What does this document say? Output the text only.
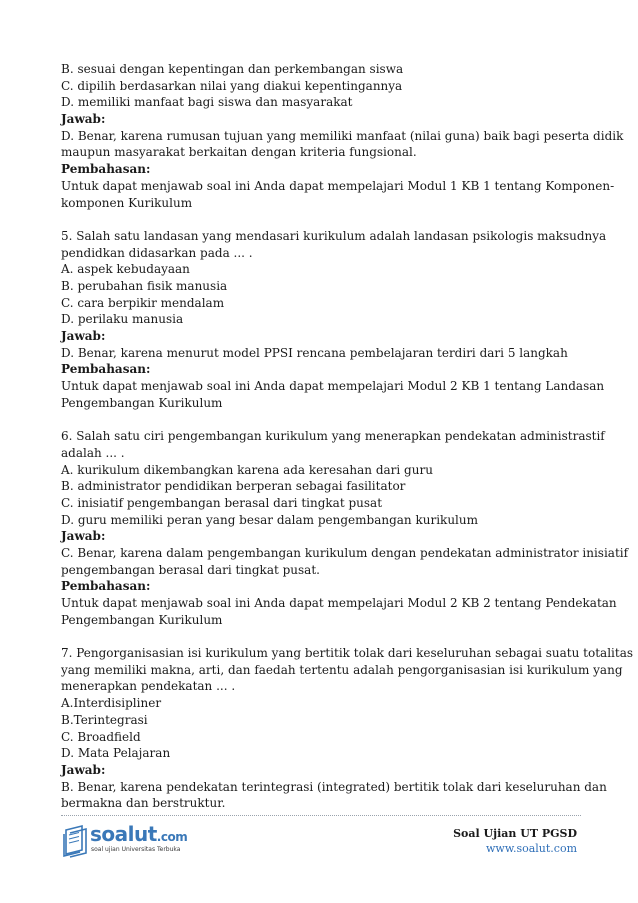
B. sesuai dengan kepentingan dan perkembangan siswa
C. dipilih berdasarkan nilai yang diakui kepentingannya
D. memiliki manfaat bagi siswa dan masyarakat
Jawab:
D. Benar, karena rumusan tujuan yang memiliki manfaat (nilai guna) baik bagi peserta didik
maupun masyarakat berkaitan dengan kriteria fungsional.
Pembahasan:
Untuk dapat menjawab soal ini Anda dapat mempelajari Modul 1 KB 1 tentang Komponen-
komponen Kurikulum
5. Salah satu landasan yang mendasari kurikulum adalah landasan psikologis maksudnya
pendidkan didasarkan pada ... .
A. aspek kebudayaan
B. perubahan fisik manusia
C. cara berpikir mendalam
D. perilaku manusia
Jawab:
D. Benar, karena menurut model PPSI rencana pembelajaran terdiri dari 5 langkah
Pembahasan:
Untuk dapat menjawab soal ini Anda dapat mempelajari Modul 2 KB 1 tentang Landasan
Pengembangan Kurikulum
6. Salah satu ciri pengembangan kurikulum yang menerapkan pendekatan administrastif
adalah ... .
A. kurikulum dikembangkan karena ada keresahan dari guru
B. administrator pendidikan berperan sebagai fasilitator
C. inisiatif pengembangan berasal dari tingkat pusat
D. guru memiliki peran yang besar dalam pengembangan kurikulum
Jawab:
C. Benar, karena dalam pengembangan kurikulum dengan pendekatan administrator inisiatif
pengembangan berasal dari tingkat pusat.
Pembahasan:
Untuk dapat menjawab soal ini Anda dapat mempelajari Modul 2 KB 2 tentang Pendekatan
Pengembangan Kurikulum
7. Pengorganisasian isi kurikulum yang bertitik tolak dari keseluruhan sebagai suatu totalitas
yang memiliki makna, arti, dan faedah tertentu adalah pengorganisasian isi kurikulum yang
menerapkan pendekatan ... .
A.Interdisipliner
B.Terintegrasi
C. Broadfield
D. Mata Pelajaran
Jawab:
B. Benar, karena pendekatan terintegrasi (integrated) bertitik tolak dari keseluruhan dan
bermakna dan berstruktur.
soalut.com
soal ujian Universitas Terbuka
Soal Ujian UT PGSD
www.soalut.com
